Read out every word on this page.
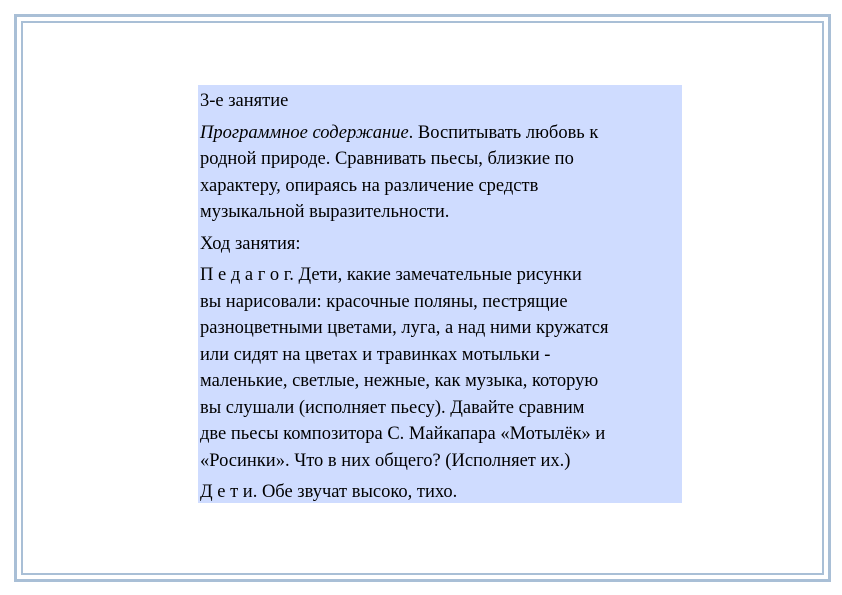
3-е занятие

Программное содержание. Воспитывать любовь к
родной природе. Сравнивать пьесы, близкие по
характеру, опираясь на различение средств
музыкальной выразительности.

Ход занятия:

П е д а г о г. Дети, какие замечательные рисунки
вы нарисовали: красочные поляны, пестрящие
разноцветными цветами, луга, а над ними кружатся
или сидят на цветах и травинках мотыльки -
маленькие, светлые, нежные, как музыка, которую
вы слушали (исполняет пьесу). Давайте сравним
две пьесы композитора С. Майкапара «Мотылёк» и
«Росинки». Что в них общего? (Исполняет их.)

Д е т и. Обе звучат высоко, тихо.
